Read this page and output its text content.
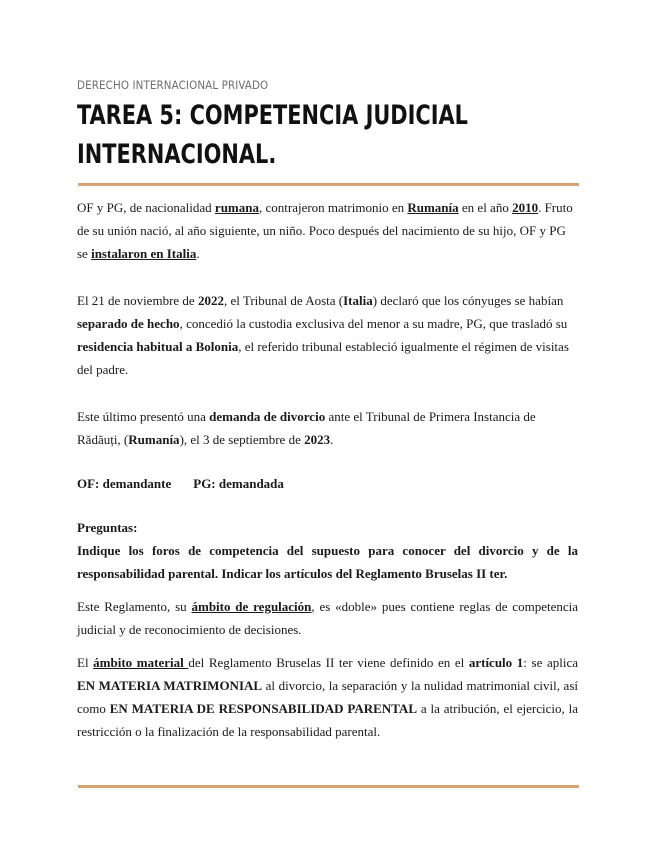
DERECHO INTERNACIONAL PRIVADO
TAREA 5: COMPETENCIA JUDICIAL
INTERNACIONAL.

OF y PG, de nacionalidad rumana, contrajeron matrimonio en Rumanía en el año 2010. Fruto de su unión nació, al año siguiente, un niño. Poco después del nacimiento de su hijo, OF y PG se instalaron en Italia.

El 21 de noviembre de 2022, el Tribunal de Aosta (Italia) declaró que los cónyuges se habían separado de hecho, concedió la custodia exclusiva del menor a su madre, PG, que trasladó su residencia habitual a Bolonia, el referido tribunal estableció igualmente el régimen de visitas del padre.

Este último presentó una demanda de divorcio ante el Tribunal de Primera Instancia de Rădăuți, (Rumanía), el 3 de septiembre de 2023.

OF: demandante PG: demandada

Preguntas:

Indique los foros de competencia del supuesto para conocer del divorcio y de la responsabilidad parental. Indicar los artículos del Reglamento Bruselas II ter.

Este Reglamento, su ámbito de regulación, es «doble» pues contiene reglas de competencia judicial y de reconocimiento de decisiones.

El ámbito material del Reglamento Bruselas II ter viene definido en el artículo 1: se aplica EN MATERIA MATRIMONIAL al divorcio, la separación y la nulidad matrimonial civil, así como EN MATERIA DE RESPONSABILIDAD PARENTAL a la atribución, el ejercicio, la restricción o la finalización de la responsabilidad parental.
